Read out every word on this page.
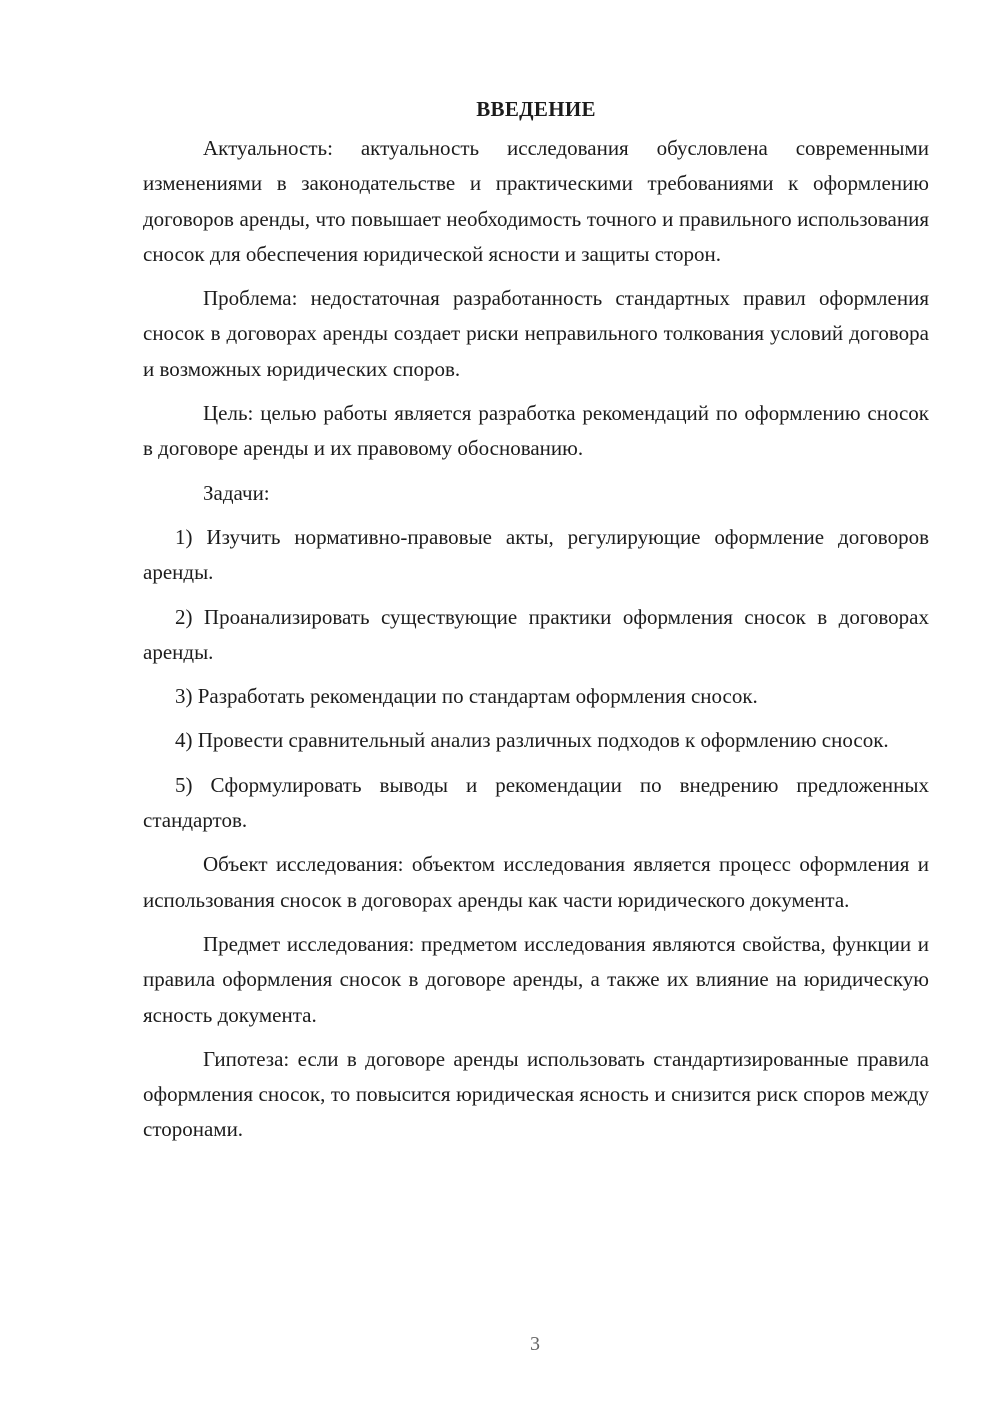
ВВЕДЕНИЕ

Актуальность: актуальность исследования обусловлена современными изменениями в законодательстве и практическими требованиями к оформлению договоров аренды, что повышает необходимость точного и правильного использования сносок для обеспечения юридической ясности и защиты сторон.

Проблема: недостаточная разработанность стандартных правил оформления сносок в договорах аренды создает риски неправильного толкования условий договора и возможных юридических споров.

Цель: целью работы является разработка рекомендаций по оформлению сносок в договоре аренды и их правовому обоснованию.

Задачи:

1) Изучить нормативно-правовые акты, регулирующие оформление договоров аренды.

2) Проанализировать существующие практики оформления сносок в договорах аренды.

3) Разработать рекомендации по стандартам оформления сносок.

4) Провести сравнительный анализ различных подходов к оформлению сносок.

5) Сформулировать выводы и рекомендации по внедрению предложенных стандартов.

Объект исследования: объектом исследования является процесс оформления и использования сносок в договорах аренды как части юридического документа.

Предмет исследования: предметом исследования являются свойства, функции и правила оформления сносок в договоре аренды, а также их влияние на юридическую ясность документа.

Гипотеза: если в договоре аренды использовать стандартизированные правила оформления сносок, то повысится юридическая ясность и снизится риск споров между сторонами.

3
